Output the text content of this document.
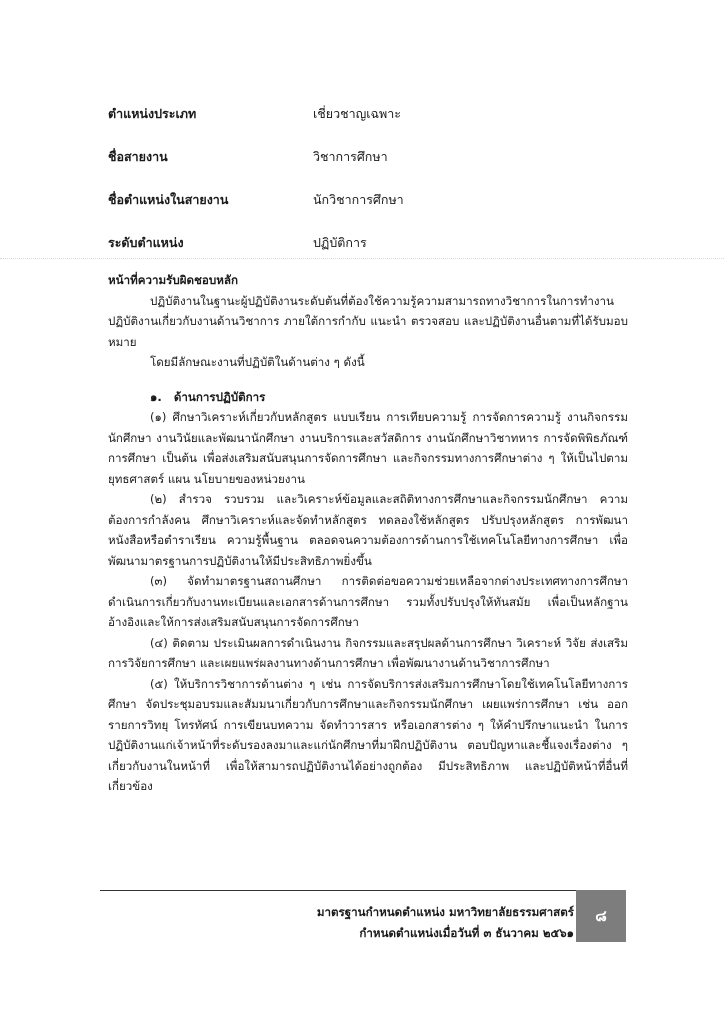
ตำแหน่งประเภท	เชี่ยวชาญเฉพาะ
ชื่อสายงาน	วิชาการศึกษา
ชื่อตำแหน่งในสายงาน	นักวิชาการศึกษา
ระดับตำแหน่ง	ปฏิบัติการ

หน้าที่ความรับผิดชอบหลัก

ปฏิบัติงานในฐานะผู้ปฏิบัติงานระดับต้นที่ต้องใช้ความรู้ความสามารถทางวิชาการในการทำงาน ปฏิบัติงานเกี่ยวกับงานด้านวิชาการ ภายใต้การกำกับ แนะนำ ตรวจสอบ และปฏิบัติงานอื่นตามที่ได้รับมอบหมาย

โดยมีลักษณะงานที่ปฏิบัติในด้านต่าง ๆ ดังนี้

๑. ด้านการปฏิบัติการ

(๑) ศึกษาวิเคราะห์เกี่ยวกับหลักสูตร แบบเรียน การเทียบความรู้ การจัดการความรู้ งานกิจกรรมนักศึกษา งานวินัยและพัฒนานักศึกษา งานบริการและสวัสดิการ งานนักศึกษาวิชาทหาร การจัดพิพิธภัณฑ์การศึกษา เป็นต้น เพื่อส่งเสริมสนับสนุนการจัดการศึกษา และกิจกรรมทางการศึกษาต่าง ๆ ให้เป็นไปตามยุทธศาสตร์ แผน นโยบายของหน่วยงาน

(๒) สำรวจ รวบรวม และวิเคราะห์ข้อมูลและสถิติทางการศึกษาและกิจกรรมนักศึกษา ความต้องการกำลังคน ศึกษาวิเคราะห์และจัดทำหลักสูตร ทดลองใช้หลักสูตร ปรับปรุงหลักสูตร การพัฒนาหนังสือหรือตำราเรียน ความรู้พื้นฐาน ตลอดจนความต้องการด้านการใช้เทคโนโลยีทางการศึกษา เพื่อพัฒนามาตรฐานการปฏิบัติงานให้มีประสิทธิภาพยิ่งขึ้น

(๓) จัดทำมาตรฐานสถานศึกษา การติดต่อขอความช่วยเหลือจากต่างประเทศทางการศึกษา ดำเนินการเกี่ยวกับงานทะเบียนและเอกสารด้านการศึกษา รวมทั้งปรับปรุงให้ทันสมัย เพื่อเป็นหลักฐานอ้างอิงและให้การส่งเสริมสนับสนุนการจัดการศึกษา

(๔) ติดตาม ประเมินผลการดำเนินงาน กิจกรรมและสรุปผลด้านการศึกษา วิเคราะห์ วิจัย ส่งเสริมการวิจัยการศึกษา และเผยแพร่ผลงานทางด้านการศึกษา เพื่อพัฒนางานด้านวิชาการศึกษา

(๕) ให้บริการวิชาการด้านต่าง ๆ เช่น การจัดบริการส่งเสริมการศึกษาโดยใช้เทคโนโลยีทางการศึกษา จัดประชุมอบรมและสัมมนาเกี่ยวกับการศึกษาและกิจกรรมนักศึกษา เผยแพร่การศึกษา เช่น ออกรายการวิทยุ โทรทัศน์ การเขียนบทความ จัดทำวารสาร หรือเอกสารต่าง ๆ ให้คำปรึกษาแนะนำ ในการปฏิบัติงานแก่เจ้าหน้าที่ระดับรองลงมาและแก่นักศึกษาที่มาฝึกปฏิบัติงาน ตอบปัญหาและชี้แจงเรื่องต่าง ๆ เกี่ยวกับงานในหน้าที่ เพื่อให้สามารถปฏิบัติงานได้อย่างถูกต้อง มีประสิทธิภาพ และปฏิบัติหน้าที่อื่นที่เกี่ยวข้อง

มาตรฐานกำหนดตำแหน่ง มหาวิทยาลัยธรรมศาสตร์
กำหนดตำแหน่งเมื่อวันที่ ๓ ธันวาคม ๒๕๖๑
๘
